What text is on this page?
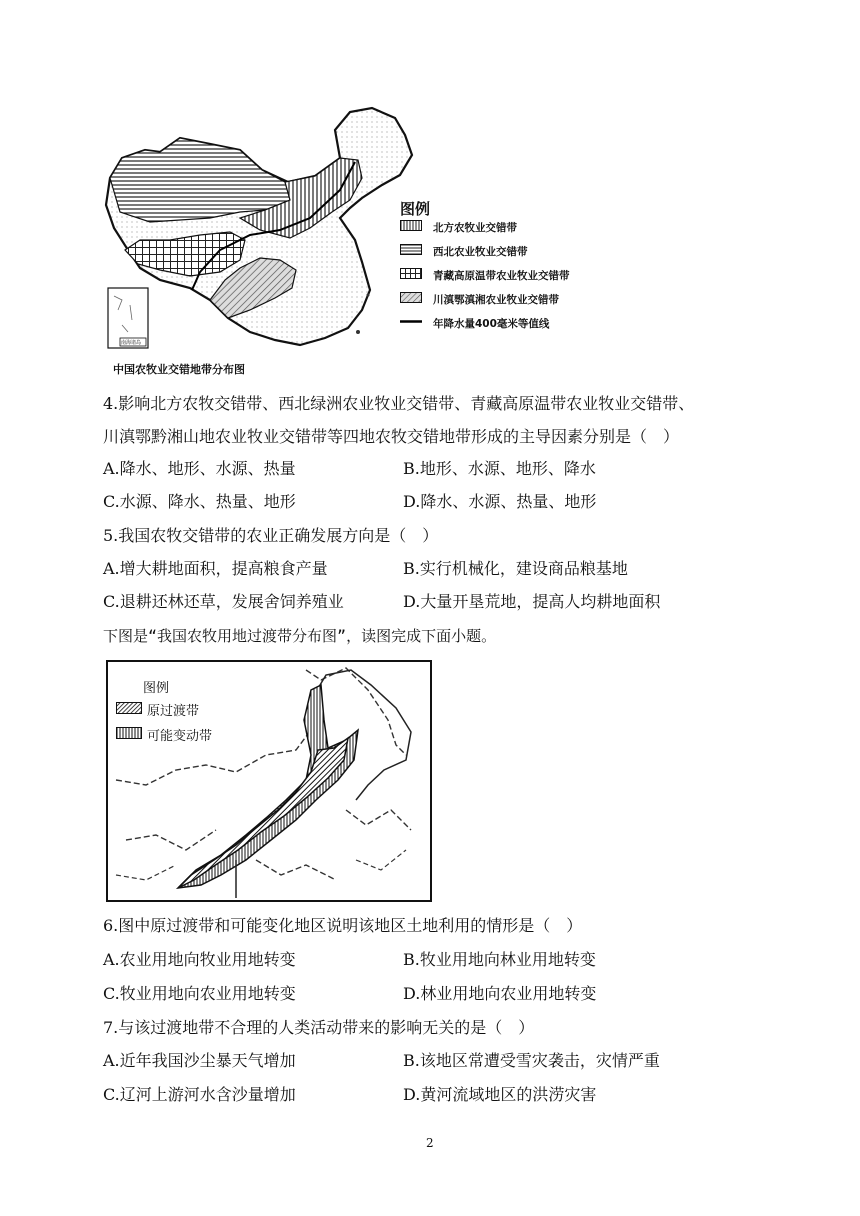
南海诸岛
图例
北方农牧业交错带
西北农业牧业交错带
青藏高原温带农业牧业交错带
川滇鄂滇湘农业牧业交错带
年降水量400毫米等值线
中国农牧业交错地带分布图
4.影响北方农牧交错带、西北绿洲农业牧业交错带、青藏高原温带农业牧业交错带、
川滇鄂黔湘山地农业牧业交错带等四地农牧交错地带形成的主导因素分别是（　）
A.降水、地形、水源、热量	B.地形、水源、地形、降水
C.水源、降水、热量、地形	D.降水、水源、热量、地形
5.我国农牧交错带的农业正确发展方向是（　）
A.增大耕地面积，提高粮食产量	B.实行机械化，建设商品粮基地
C.退耕还林还草，发展舍饲养殖业	D.大量开垦荒地，提高人均耕地面积
下图是“我国农牧用地过渡带分布图”，读图完成下面小题。
图例
原过渡带
可能变动带
6.图中原过渡带和可能变化地区说明该地区土地利用的情形是（　）
A.农业用地向牧业用地转变	B.牧业用地向林业用地转变
C.牧业用地向农业用地转变	D.林业用地向农业用地转变
7.与该过渡地带不合理的人类活动带来的影响无关的是（　）
A.近年我国沙尘暴天气增加	B.该地区常遭受雪灾袭击，灾情严重
C.辽河上游河水含沙量增加	D.黄河流域地区的洪涝灾害
2
